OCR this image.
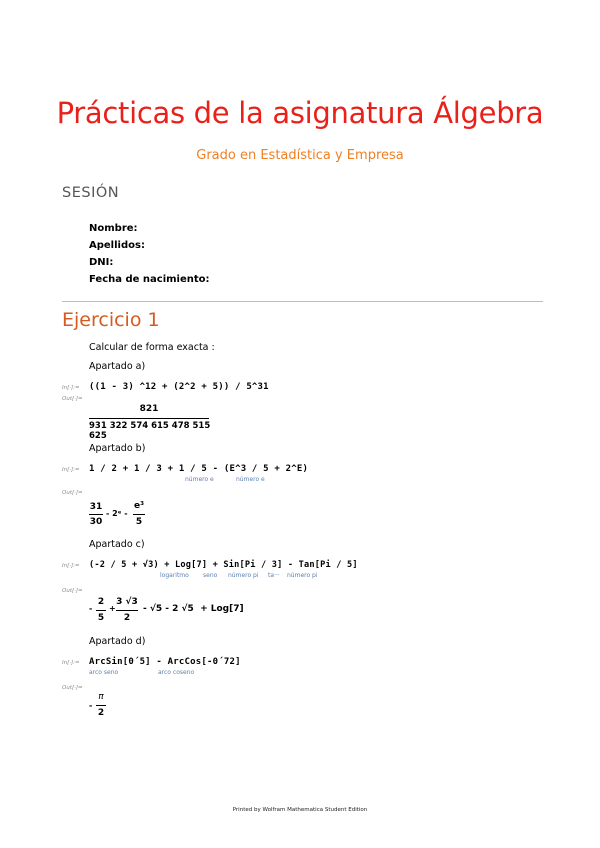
Prácticas de la asignatura Álgebra
Grado en Estadística y Empresa
SESIÓN
Nombre:
Apellidos:
DNI:
Fecha de nacimiento:
Ejercicio 1
Calcular de forma exacta :
Apartado a)
In[·]:= ((1 - 3) ^12 + (2^2 + 5)) / 5^31
Out[·]=
821
931 322 574 615 478 515 625
Apartado b)
In[·]:= 1 / 2 + 1 / 3 + 1 / 5 - (E^3 / 5 + 2^E)
número e	número e
Out[·]=
31
30
- 2ᵉ -
e³
5
Apartado c)
In[·]:= (-2 / 5 + √3) + Log[7] + Sin[Pi / 3] - Tan[Pi / 5]
logaritmo seno número pi ta··· número pi
Out[·]=
-
2
5
+
3 √3
2
- √5 - 2 √5  + Log[7]
Apartado d)
In[·]:= ArcSin[0´5] - ArcCos[-0´72]
arco seno	arco coseno
Out[·]=
-
π
2
Printed by Wolfram Mathematica Student Edition
